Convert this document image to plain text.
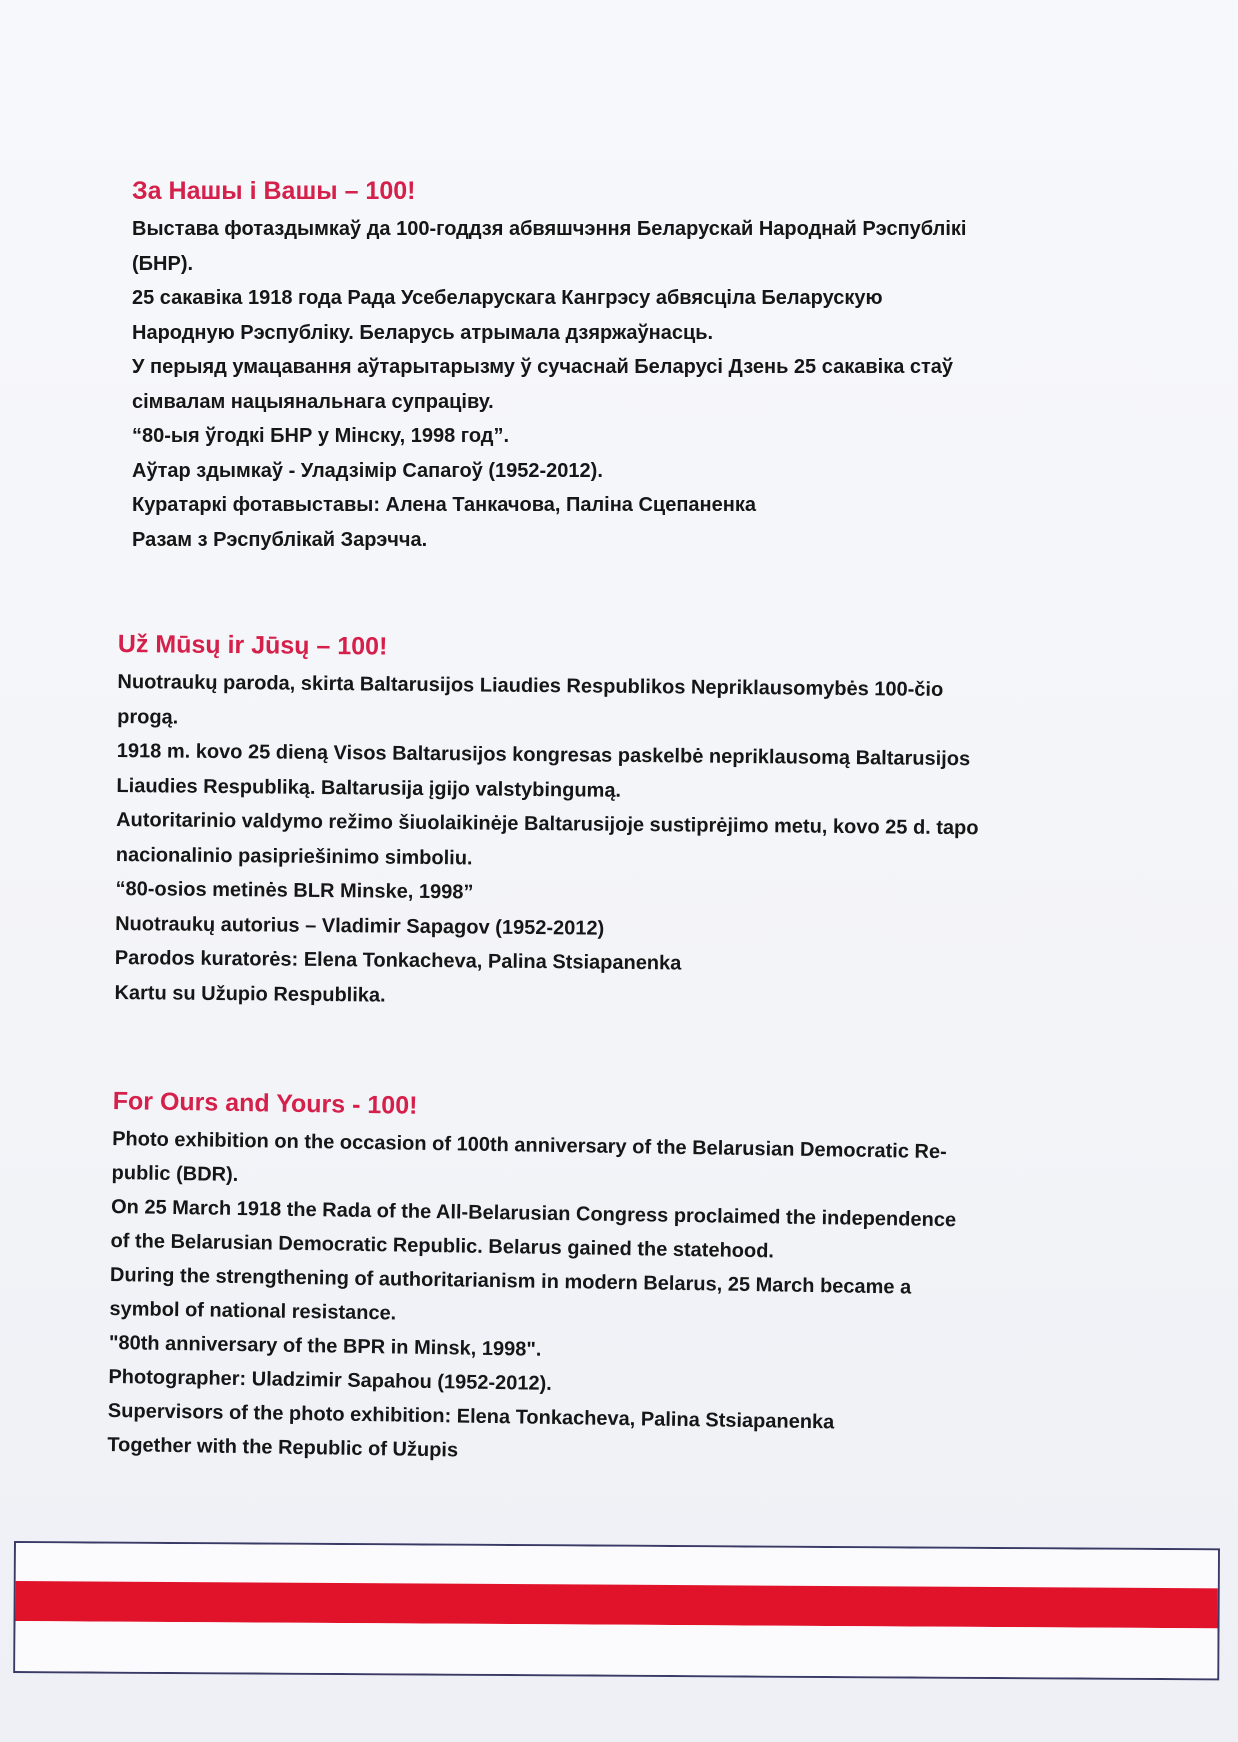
За Нашы і Вашы – 100!
Выстава фотаздымкаў да 100-годдзя абвяшчэння Беларускай Народнай Рэспублікі
(БНР).
25 сакавіка 1918 года Рада Усебеларускага Кангрэсу абвясціла Беларускую
Народную Рэспубліку. Беларусь атрымала дзяржаўнасць.
У перыяд умацавання аўтарытарызму ў сучаснай Беларусі Дзень 25 сакавіка стаў
сімвалам нацыянальнага супраціву.
“80-ыя ўгодкі БНР у Мінску, 1998 год”.
Аўтар здымкаў - Уладзімір Сапагоў (1952-2012).
Куратаркі фотавыставы: Алена Танкачова, Паліна Сцепаненка
Разам з Рэспублікай Зарэчча.
Už Mūsų ir Jūsų – 100!
Nuotraukų paroda, skirta Baltarusijos Liaudies Respublikos Nepriklausomybės 100-čio
progą.
1918 m. kovo 25 dieną Visos Baltarusijos kongresas paskelbė nepriklausomą Baltarusijos
Liaudies Respubliką. Baltarusija įgijo valstybingumą.
Autoritarinio valdymo režimo šiuolaikinėje Baltarusijoje sustiprėjimo metu, kovo 25 d. tapo
nacionalinio pasipriešinimo simboliu.
“80-osios metinės BLR Minske, 1998”
Nuotraukų autorius – Vladimir Sapagov (1952-2012)
Parodos kuratorės: Elena Tonkacheva, Palina Stsiapanenka
Kartu su Užupio Respublika.
For Ours and Yours - 100!
Photo exhibition on the occasion of 100th anniversary of the Belarusian Democratic Re-
public (BDR).
On 25 March 1918 the Rada of the All-Belarusian Congress proclaimed the independence
of the Belarusian Democratic Republic. Belarus gained the statehood.
During the strengthening of authoritarianism in modern Belarus, 25 March became a
symbol of national resistance.
"80th anniversary of the BPR in Minsk, 1998".
Photographer: Uladzimir Sapahou (1952-2012).
Supervisors of the photo exhibition: Elena Tonkacheva, Palina Stsiapanenka
Together with the Republic of Užupis
